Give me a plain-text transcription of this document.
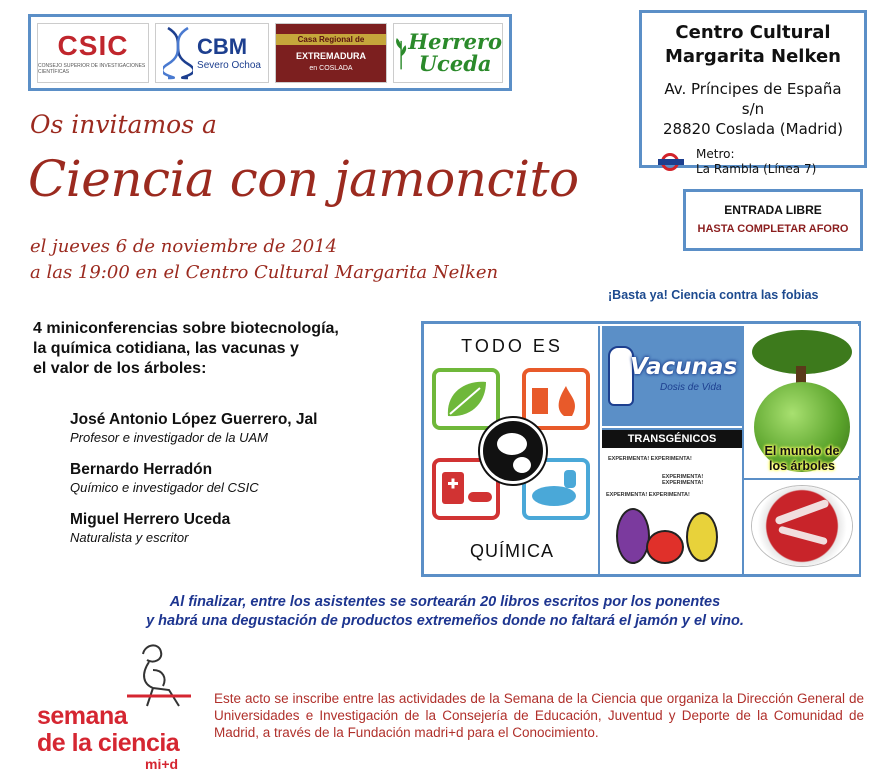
CSIC
CONSEJO SUPERIOR DE INVESTIGACIONES CIENTÍFICAS
CBM
Severo Ochoa
Casa Regional de
EXTREMADURA
en COSLADA
Herrero
Uceda
Centro Cultural
Margarita Nelken
Av. Príncipes de España s/n
28820 Coslada (Madrid)
Metro:
La Rambla (Línea 7)
ENTRADA LIBRE
HASTA COMPLETAR AFORO
Os invitamos a
Ciencia con jamoncito
el jueves 6 de noviembre de 2014
a las 19:00 en el Centro Cultural Margarita Nelken
¡Basta ya! Ciencia contra las fobias
4 miniconferencias sobre biotecnología,
la química cotidiana, las vacunas y
el valor de los árboles:
José Antonio López Guerrero, Jal
Profesor e investigador de la UAM
Bernardo Herradón
Químico e investigador del CSIC
Miguel Herrero Uceda
Naturalista y escritor
TODO ES
QUÍMICA
Vacunas
Dosis de Vida
TRANSGÉNICOS
EXPERIMENTA! EXPERIMENTA!
EXPERIMENTA! EXPERIMENTA!
EXPERIMENTA! EXPERIMENTA!
El mundo de
los árboles
Al finalizar, entre los asistentes se sortearán 20 libros escritos por los ponentes
y habrá una degustación de productos extremeños donde no faltará el jamón y el vino.
semana
de la ciencia
mi+d
Este acto se inscribe entre las actividades de la Semana de la Ciencia que organiza la Dirección General de Universidades e Investigación de la Consejería de Educación, Juventud y Deporte de la Comunidad de Madrid, a través de la Fundación madri+d para el Conocimiento.
